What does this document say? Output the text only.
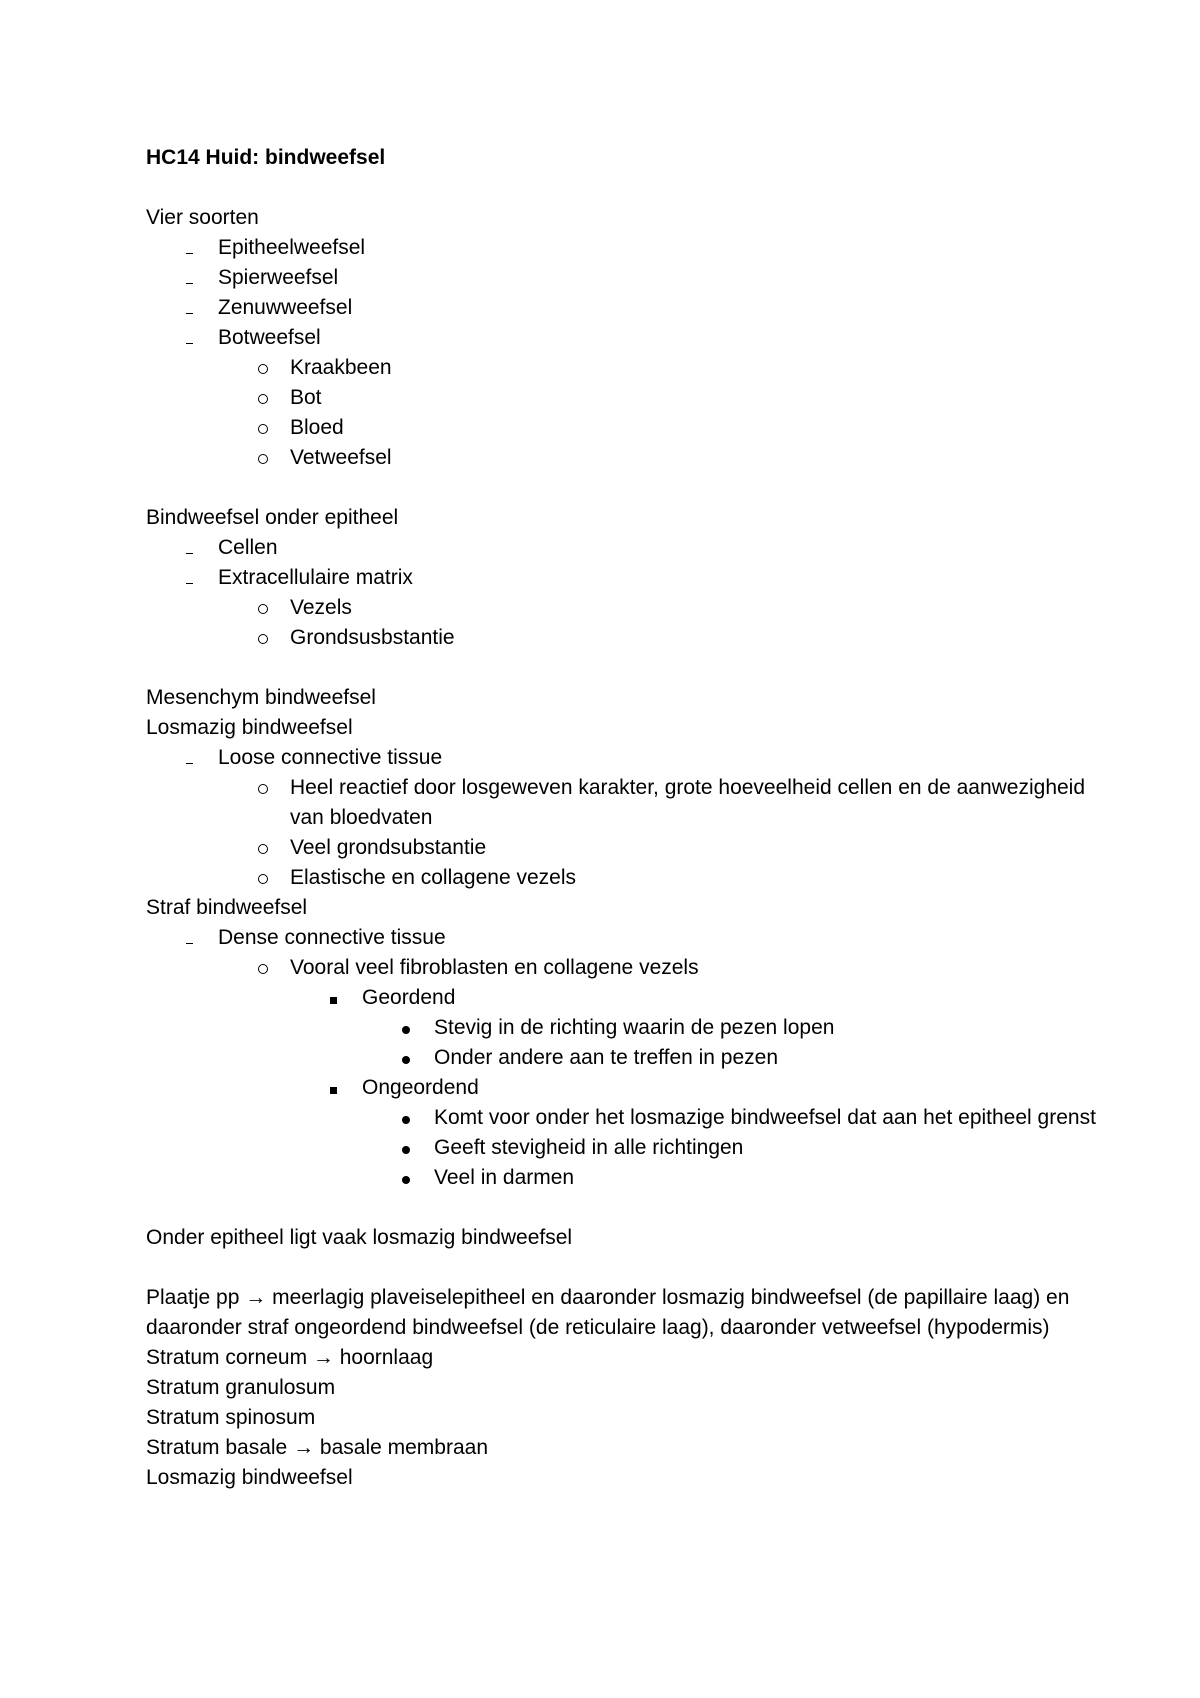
HC14 Huid: bindweefsel
Vier soorten
Epitheelweefsel
Spierweefsel
Zenuwweefsel
Botweefsel
Kraakbeen
Bot
Bloed
Vetweefsel
Bindweefsel onder epitheel
Cellen
Extracellulaire matrix
Vezels
Grondsusbstantie
Mesenchym bindweefsel
Losmazig bindweefsel
Loose connective tissue
Heel reactief door losgeweven karakter, grote hoeveelheid cellen en de aanwezigheid van bloedvaten
Veel grondsubstantie
Elastische en collagene vezels
Straf bindweefsel
Dense connective tissue
Vooral veel fibroblasten en collagene vezels
Geordend
Stevig in de richting waarin de pezen lopen
Onder andere aan te treffen in pezen
Ongeordend
Komt voor onder het losmazige bindweefsel dat aan het epitheel grenst
Geeft stevigheid in alle richtingen
Veel in darmen
Onder epitheel ligt vaak losmazig bindweefsel
Plaatje pp → meerlagig plaveiselepitheel en daaronder losmazig bindweefsel (de papillaire laag) en daaronder straf ongeordend bindweefsel (de reticulaire laag), daaronder vetweefsel (hypodermis)
Stratum corneum → hoornlaag
Stratum granulosum
Stratum spinosum
Stratum basale → basale membraan
Losmazig bindweefsel
